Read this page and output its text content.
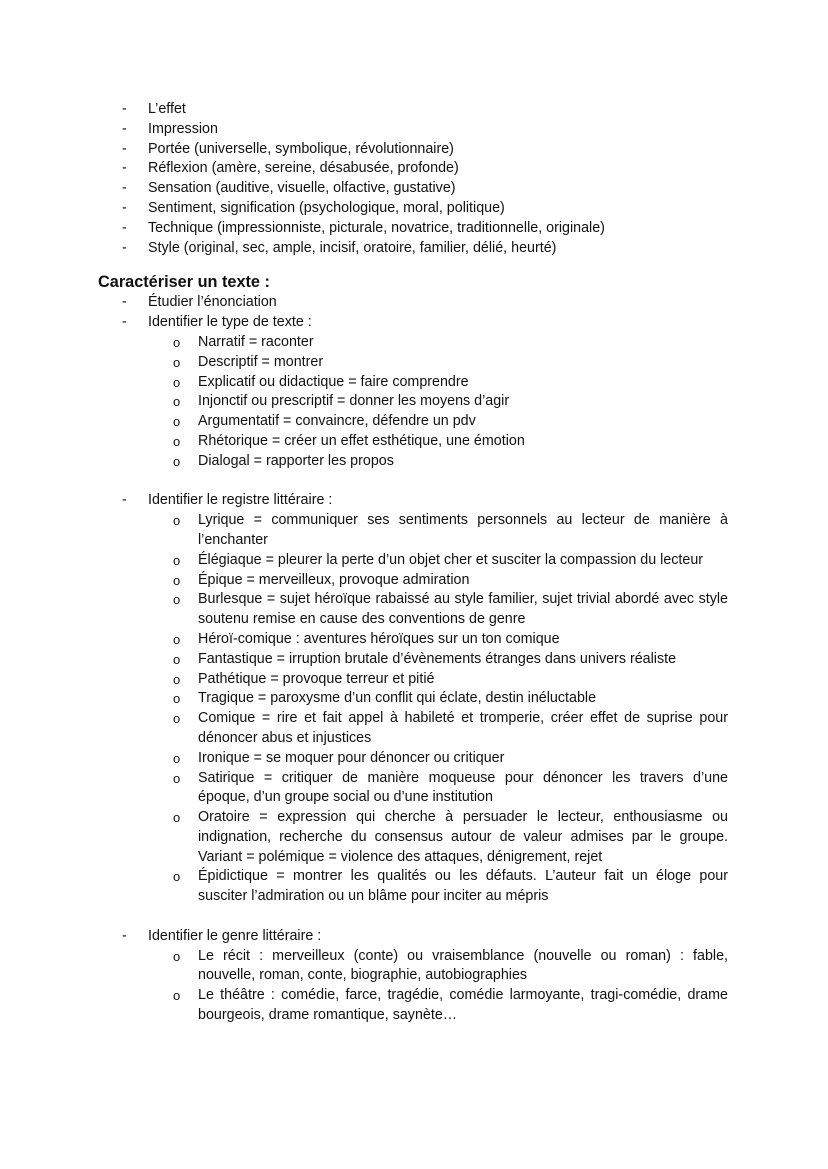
- L’effet
- Impression
- Portée (universelle, symbolique, révolutionnaire)
- Réflexion (amère, sereine, désabusée, profonde)
- Sensation (auditive, visuelle, olfactive, gustative)
- Sentiment, signification (psychologique, moral, politique)
- Technique (impressionniste, picturale, novatrice, traditionnelle, originale)
- Style (original, sec, ample, incisif, oratoire, familier, délié, heurté)
Caractériser un texte :
- Étudier l’énonciation
- Identifier le type de texte :
o Narratif = raconter
o Descriptif = montrer
o Explicatif ou didactique = faire comprendre
o Injonctif ou prescriptif = donner les moyens d’agir
o Argumentatif = convaincre, défendre un pdv
o Rhétorique = créer un effet esthétique, une émotion
o Dialogal = rapporter les propos
- Identifier le registre littéraire :
o Lyrique = communiquer ses sentiments personnels au lecteur de manière à l’enchanter
o Élégiaque = pleurer la perte d’un objet cher et susciter la compassion du lecteur
o Épique = merveilleux, provoque admiration
o Burlesque = sujet héroïque rabaissé au style familier, sujet trivial abordé avec style soutenu remise en cause des conventions de genre
o Héroï-comique : aventures héroïques sur un ton comique
o Fantastique = irruption brutale d’évènements étranges dans univers réaliste
o Pathétique = provoque terreur et pitié
o Tragique = paroxysme d’un conflit qui éclate, destin inéluctable
o Comique = rire et fait appel à habileté et tromperie, créer effet de suprise pour dénoncer abus et injustices
o Ironique = se moquer pour dénoncer ou critiquer
o Satirique = critiquer de manière moqueuse pour dénoncer les travers d’une époque, d’un groupe social ou d’une institution
o Oratoire = expression qui cherche à persuader le lecteur, enthousiasme ou indignation, recherche du consensus autour de valeur admises par le groupe. Variant = polémique = violence des attaques, dénigrement, rejet
o Épidictique = montrer les qualités ou les défauts. L’auteur fait un éloge pour susciter l’admiration ou un blâme pour inciter au mépris
- Identifier le genre littéraire :
o Le récit : merveilleux (conte) ou vraisemblance (nouvelle ou roman) : fable, nouvelle, roman, conte, biographie, autobiographies
o Le théâtre : comédie, farce, tragédie, comédie larmoyante, tragi-comédie, drame bourgeois, drame romantique, saynète…
